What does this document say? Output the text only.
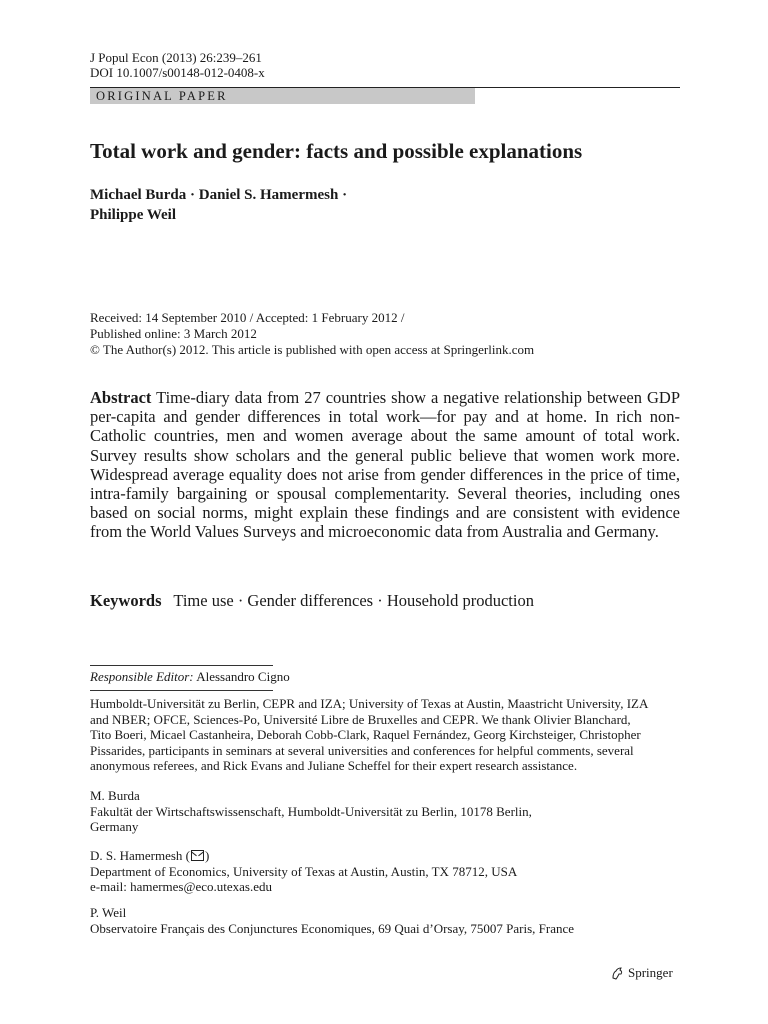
J Popul Econ (2013) 26:239–261
DOI 10.1007/s00148-012-0408-x
ORIGINAL PAPER
Total work and gender: facts and possible explanations
Michael Burda · Daniel S. Hamermesh ·
Philippe Weil
Received: 14 September 2010 / Accepted: 1 February 2012 /
Published online: 3 March 2012
© The Author(s) 2012. This article is published with open access at Springerlink.com
Abstract Time-diary data from 27 countries show a negative relationship between GDP per-capita and gender differences in total work—for pay and at home. In rich non-Catholic countries, men and women average about the same amount of total work. Survey results show scholars and the general public believe that women work more. Widespread average equality does not arise from gender differences in the price of time, intra-family bargaining or spousal complementarity. Several theories, including ones based on social norms, might explain these findings and are consistent with evidence from the World Values Surveys and microeconomic data from Australia and Germany.
Keywords Time use · Gender differences · Household production
Responsible Editor: Alessandro Cigno
Humboldt-Universität zu Berlin, CEPR and IZA; University of Texas at Austin, Maastricht University, IZA and NBER; OFCE, Sciences-Po, Université Libre de Bruxelles and CEPR. We thank Olivier Blanchard, Tito Boeri, Micael Castanheira, Deborah Cobb-Clark, Raquel Fernández, Georg Kirchsteiger, Christopher Pissarides, participants in seminars at several universities and conferences for helpful comments, several anonymous referees, and Rick Evans and Juliane Scheffel for their expert research assistance.
M. Burda
Fakultät der Wirtschaftswissenschaft, Humboldt-Universität zu Berlin, 10178 Berlin,
Germany
D. S. Hamermesh ( )
Department of Economics, University of Texas at Austin, Austin, TX 78712, USA
e-mail: hamermes@eco.utexas.edu
P. Weil
Observatoire Français des Conjunctures Economiques, 69 Quai d’Orsay, 75007 Paris, France
Springer
